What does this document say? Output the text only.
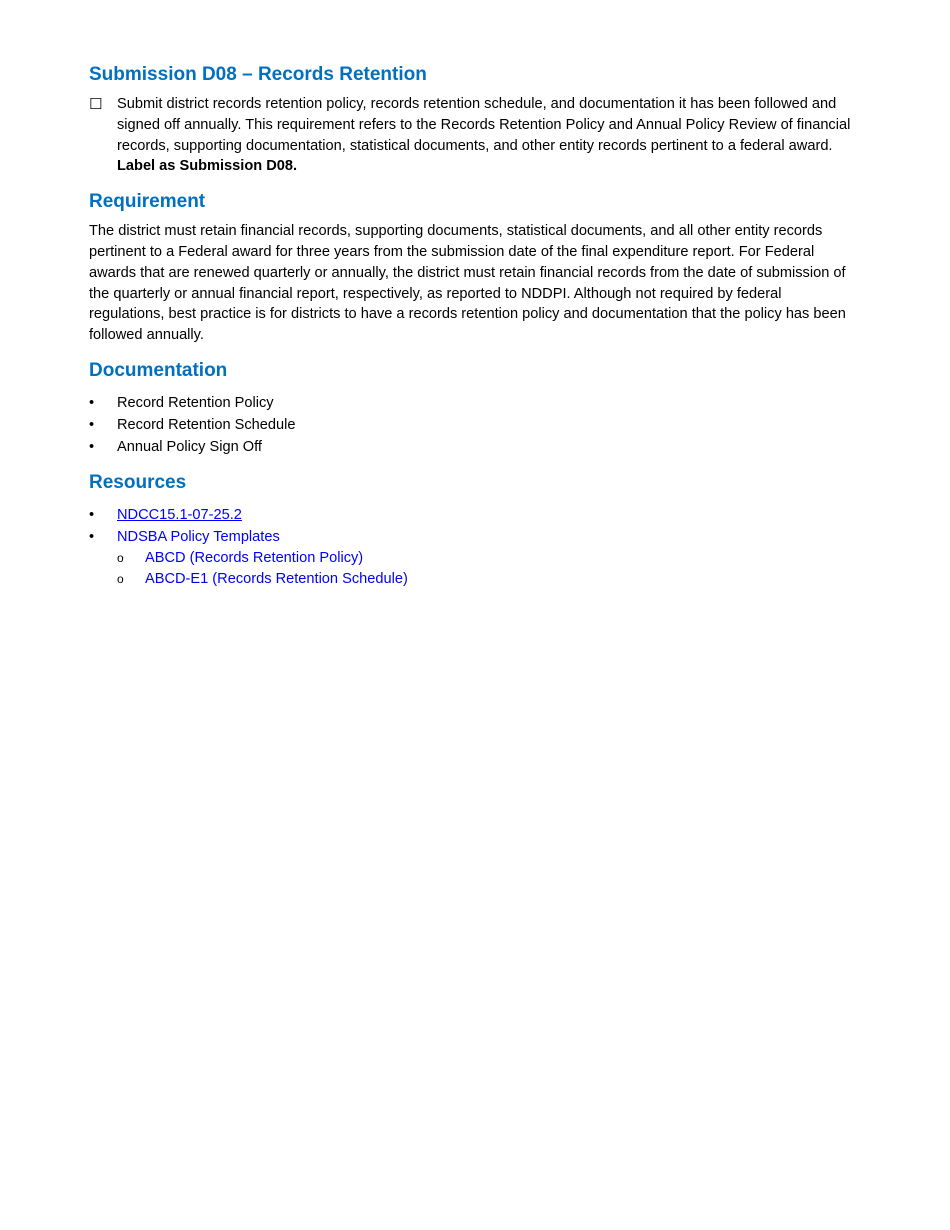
Submission D08 – Records Retention
☐ Submit district records retention policy, records retention schedule, and documentation it has been followed and signed off annually. This requirement refers to the Records Retention Policy and Annual Policy Review of financial records, supporting documentation, statistical documents, and other entity records pertinent to a federal award. Label as Submission D08.
Requirement

The district must retain financial records, supporting documents, statistical documents, and all other entity records pertinent to a Federal award for three years from the submission date of the final expenditure report. For Federal awards that are renewed quarterly or annually, the district must retain financial records from the date of submission of the quarterly or annual financial report, respectively, as reported to NDDPI. Although not required by federal regulations, best practice is for districts to have a records retention policy and documentation that the policy has been followed annually.

Documentation
•	Record Retention Policy
•	Record Retention Schedule
•	Annual Policy Sign Off
Resources
•	NDCC15.1-07-25.2
•	NDSBA Policy Templates
o	ABCD (Records Retention Policy)
o	ABCD-E1 (Records Retention Schedule)
